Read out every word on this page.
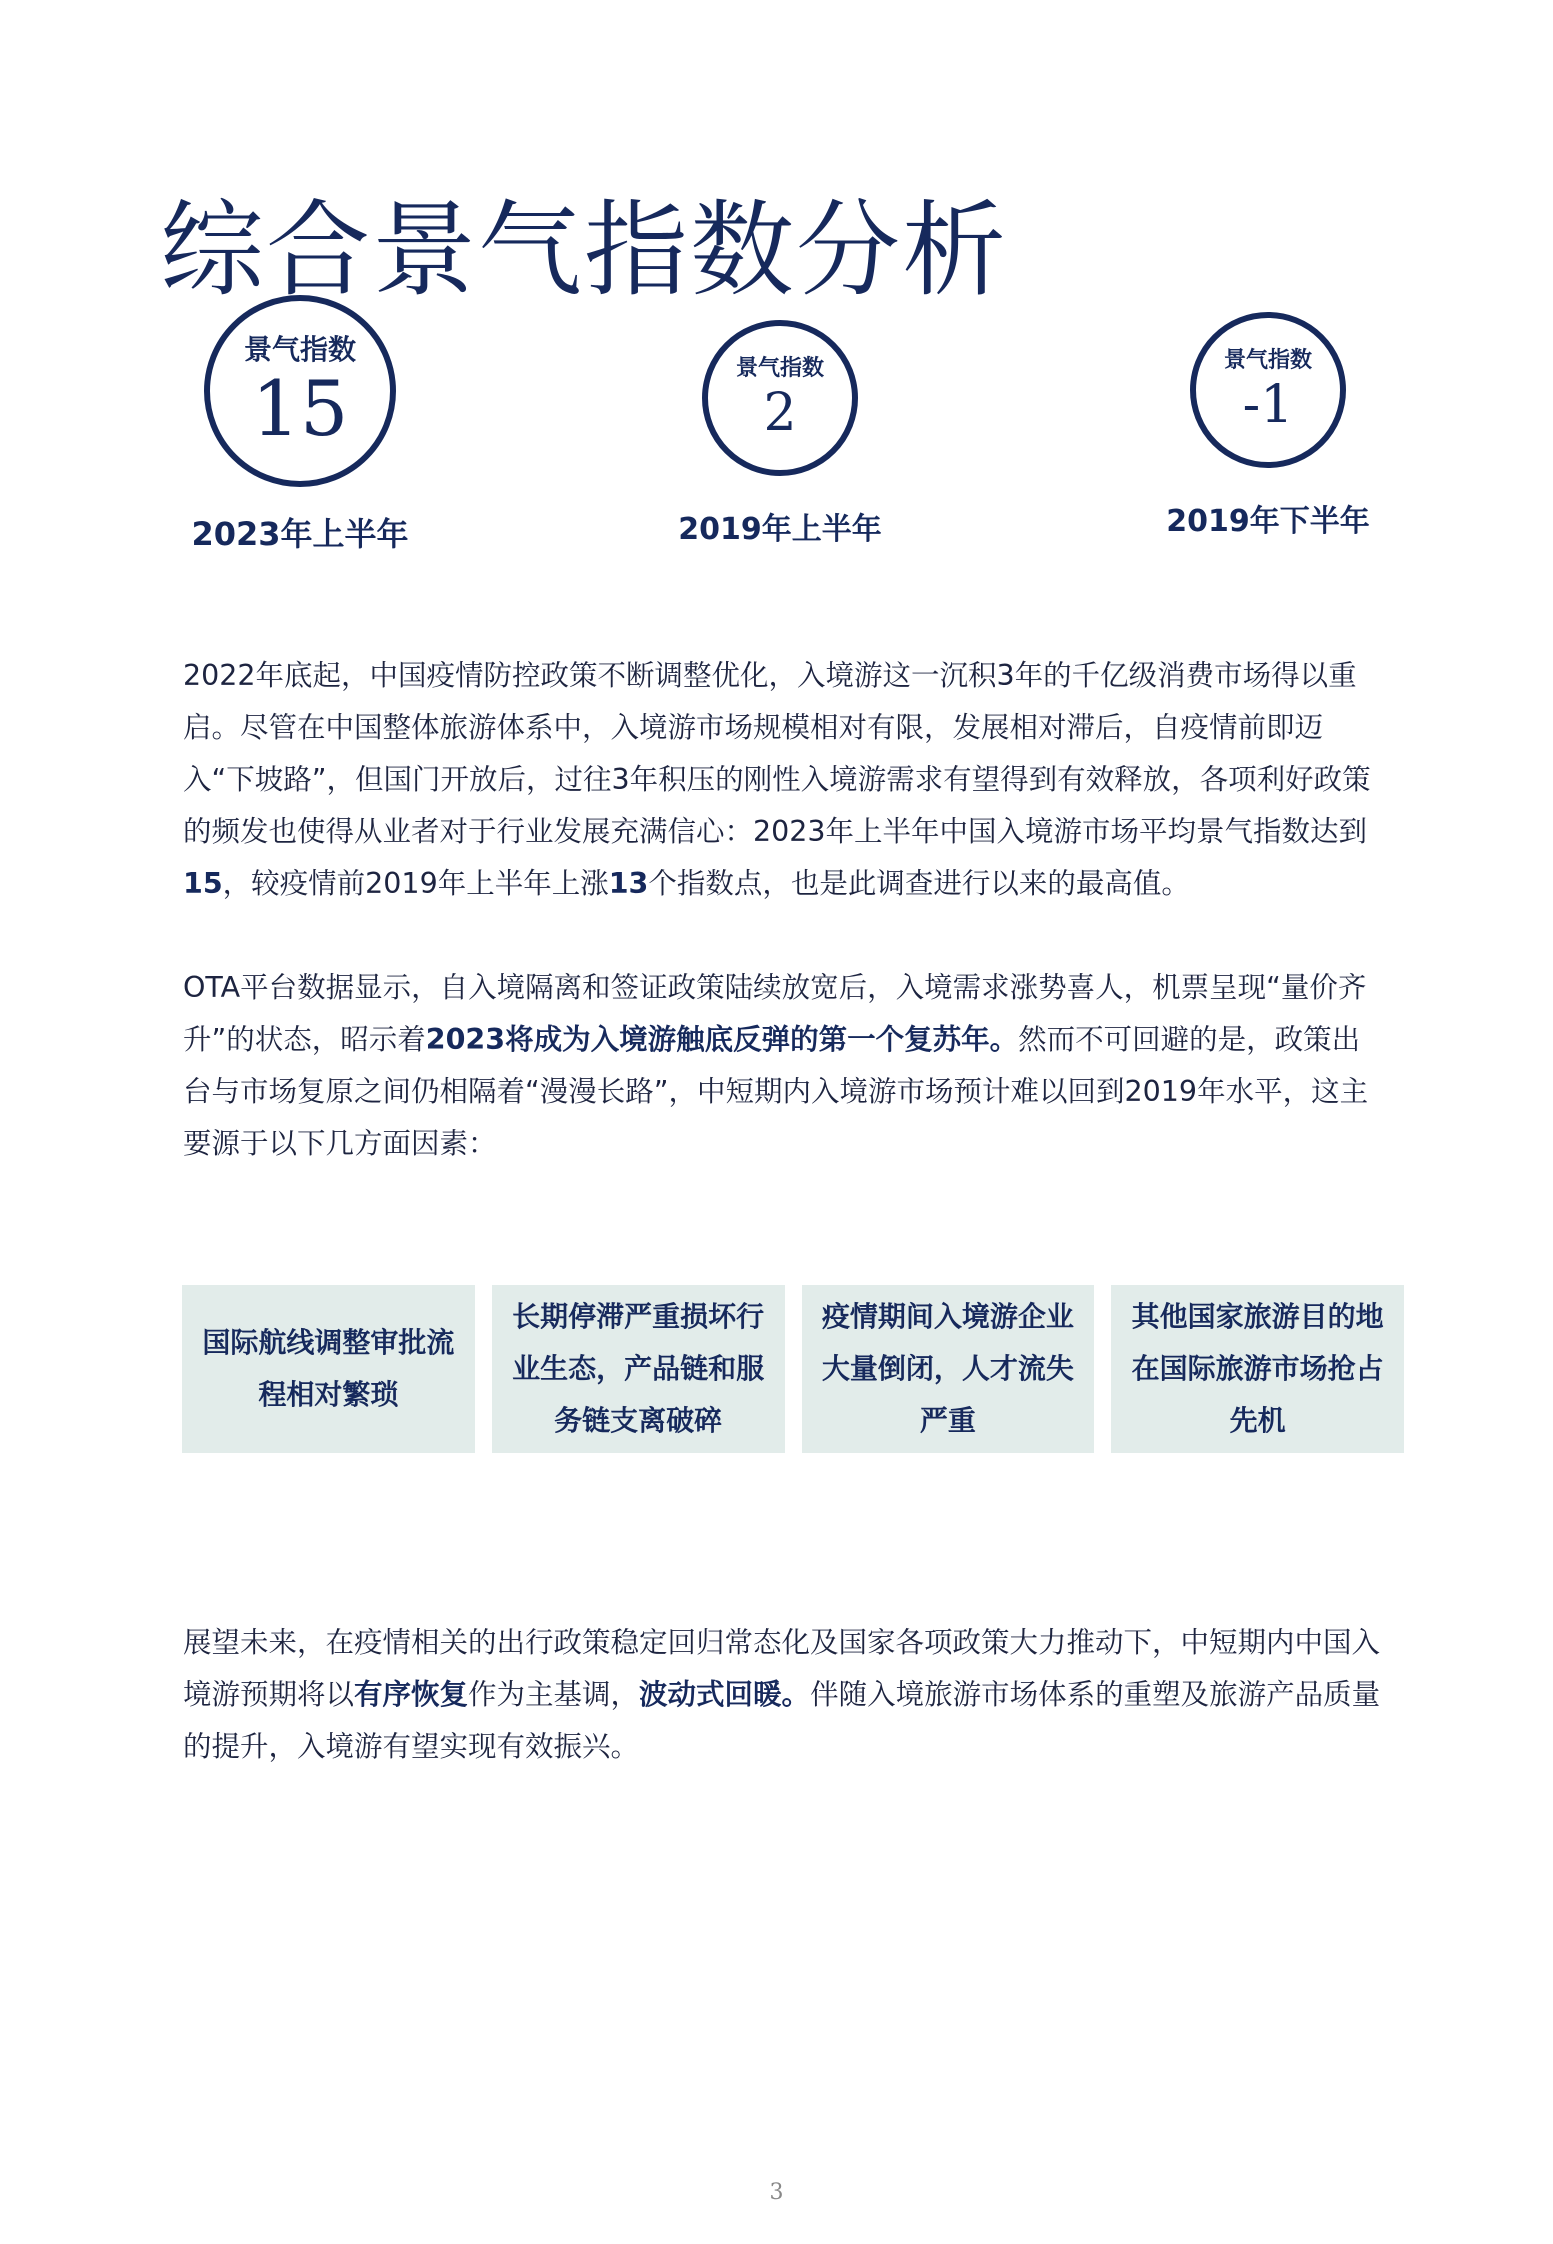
综合景气指数分析
景气指数
15
2023年上半年
景气指数
2
2019年上半年
景气指数
-1
2019年下半年

2022年底起，中国疫情防控政策不断调整优化，入境游这一沉积3年的千亿级消费市场得以重启。尽管在中国整体旅游体系中，入境游市场规模相对有限，发展相对滞后，自疫情前即迈入“下坡路”，但国门开放后，过往3年积压的刚性入境游需求有望得到有效释放，各项利好政策的频发也使得从业者对于行业发展充满信心：2023年上半年中国入境游市场平均景气指数达到15，较疫情前2019年上半年上涨13个指数点，也是此调查进行以来的最高值。

OTA平台数据显示，自入境隔离和签证政策陆续放宽后，入境需求涨势喜人，机票呈现“量价齐升”的状态，昭示着2023将成为入境游触底反弹的第一个复苏年。然而不可回避的是，政策出台与市场复原之间仍相隔着“漫漫长路”，中短期内入境游市场预计难以回到2019年水平，这主要源于以下几方面因素：

国际航线调整审批流程相对繁琐
长期停滞严重损坏行业生态，产品链和服务链支离破碎
疫情期间入境游企业大量倒闭，人才流失严重
其他国家旅游目的地在国际旅游市场抢占先机

展望未来，在疫情相关的出行政策稳定回归常态化及国家各项政策大力推动下，中短期内中国入境游预期将以有序恢复作为主基调，波动式回暖。伴随入境旅游市场体系的重塑及旅游产品质量的提升，入境游有望实现有效振兴。

3
